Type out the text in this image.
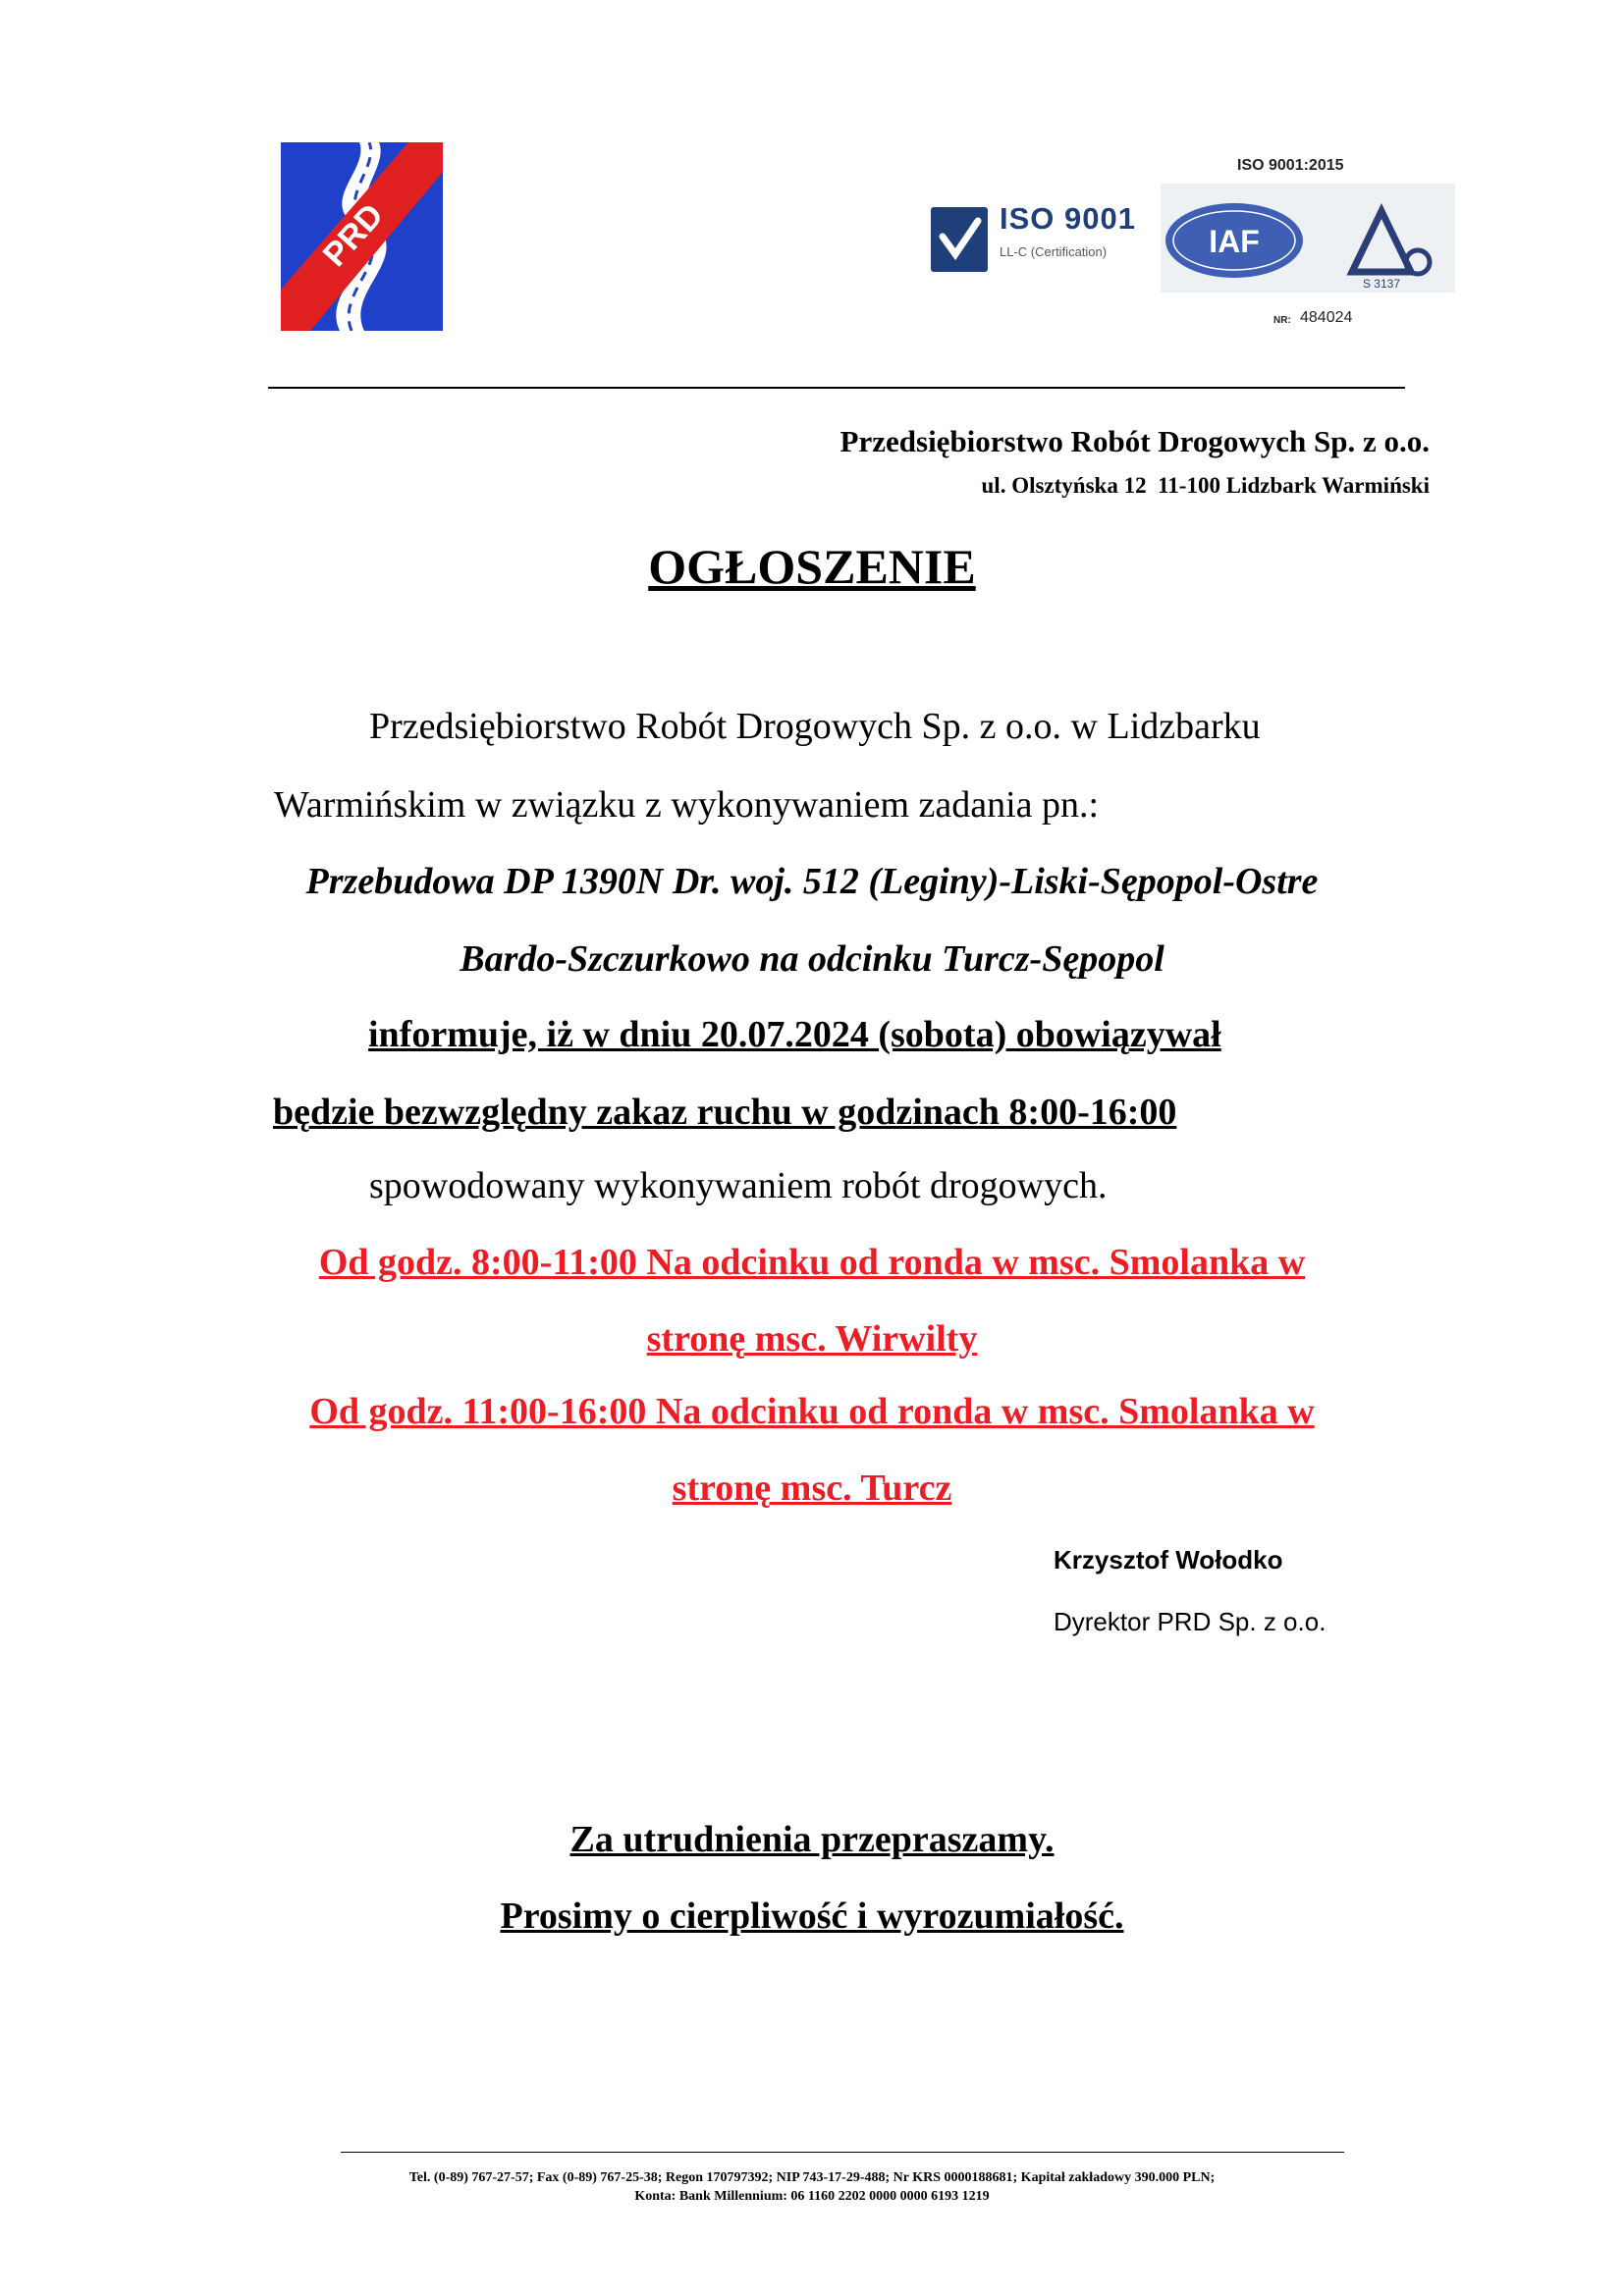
PRD	ISO 9001
LL-C (Certification)
ISO 9001:2015
IAF
S 3137
NR: 484024
Przedsiębiorstwo Robót Drogowych Sp. z o.o.
ul. Olsztyńska 12  11-100 Lidzbark Warmiński
OGŁOSZENIE
Przedsiębiorstwo Robót Drogowych Sp. z o.o. w Lidzbarku
Warmińskim w związku z wykonywaniem zadania pn.:
Przebudowa DP 1390N Dr. woj. 512 (Leginy)-Liski-Sępopol-Ostre
Bardo-Szczurkowo na odcinku Turcz-Sępopol
informuje, iż w dniu 20.07.2024 (sobota) obowiązywał
będzie bezwzględny zakaz ruchu w godzinach 8:00-16:00
spowodowany wykonywaniem robót drogowych.
Od godz. 8:00-11:00 Na odcinku od ronda w msc. Smolanka w
stronę msc. Wirwilty
Od godz. 11:00-16:00 Na odcinku od ronda w msc. Smolanka w
stronę msc. Turcz
Krzysztof Wołodko
Dyrektor PRD Sp. z o.o.
Za utrudnienia przepraszamy.
Prosimy o cierpliwość i wyrozumiałość.
Tel. (0-89) 767-27-57; Fax (0-89) 767-25-38; Regon 170797392; NIP 743-17-29-488; Nr KRS 0000188681; Kapitał zakładowy 390.000 PLN;
Konta: Bank Millennium: 06 1160 2202 0000 0000 6193 1219
